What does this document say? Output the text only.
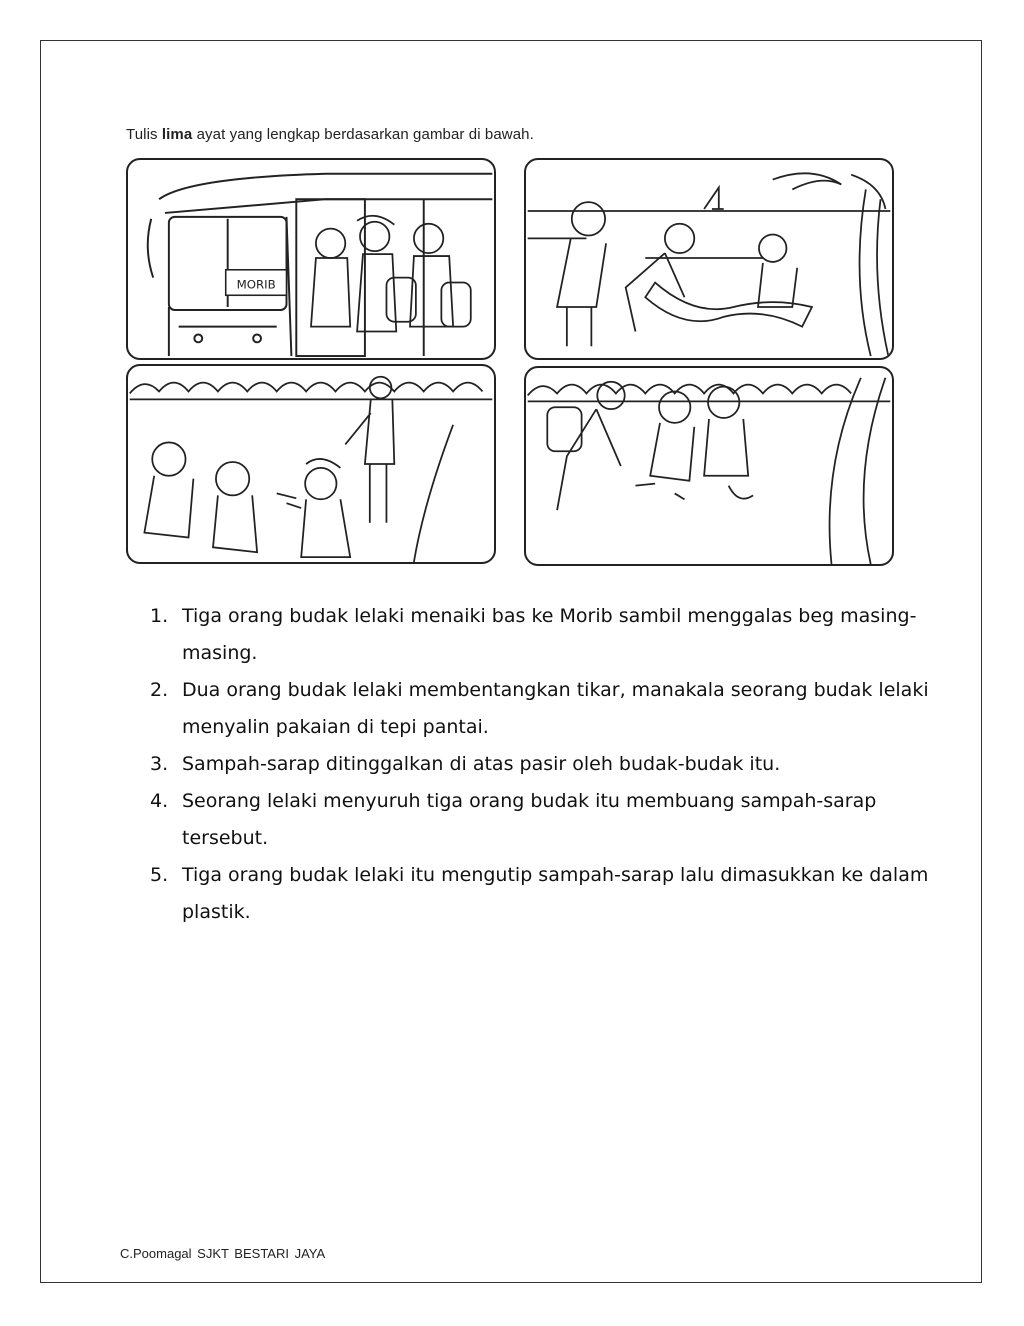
Tulis lima ayat yang lengkap berdasarkan gambar di bawah.
MORIB
1. Tiga orang budak lelaki menaiki bas ke Morib sambil menggalas beg masing- masing.
2. Dua orang budak lelaki membentangkan tikar, manakala seorang budak lelaki menyalin pakaian di tepi pantai.
3. Sampah-sarap ditinggalkan di atas pasir oleh budak-budak itu.
4. Seorang lelaki menyuruh tiga orang budak itu membuang sampah-sarap tersebut.
5. Tiga orang budak lelaki itu mengutip sampah-sarap lalu dimasukkan ke dalam plastik.
C.Poomagal SJKT BESTARI JAYA
